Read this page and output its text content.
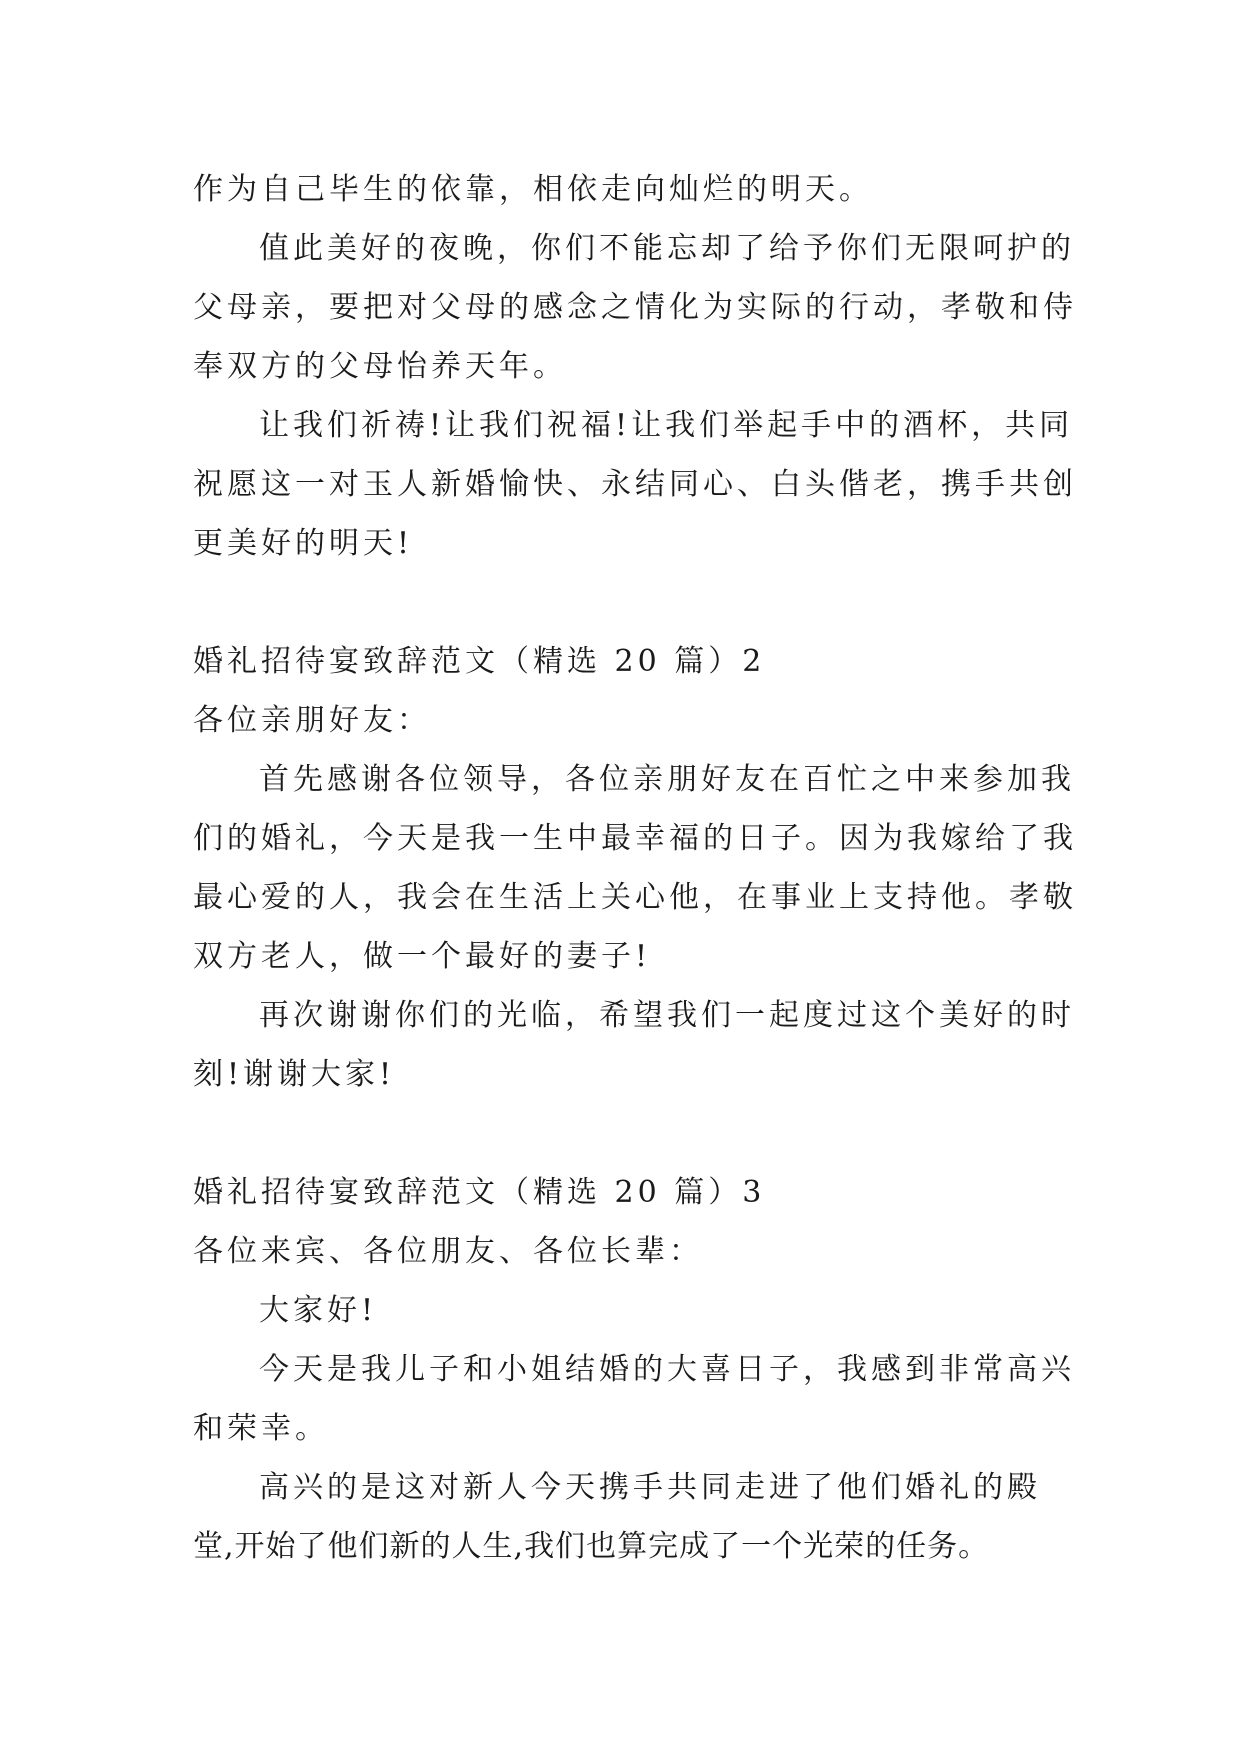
作为自己毕生的依靠，相依走向灿烂的明天。
值此美好的夜晚，你们不能忘却了给予你们无限呵护的
父母亲，要把对父母的感念之情化为实际的行动，孝敬和侍
奉双方的父母怡养天年。
让我们祈祷!让我们祝福!让我们举起手中的酒杯，共同
祝愿这一对玉人新婚愉快、永结同心、白头偕老，携手共创
更美好的明天!
婚礼招待宴致辞范文（精选 20 篇）2
各位亲朋好友：
首先感谢各位领导，各位亲朋好友在百忙之中来参加我
们的婚礼，今天是我一生中最幸福的日子。因为我嫁给了我
最心爱的人，我会在生活上关心他，在事业上支持他。孝敬
双方老人，做一个最好的妻子!
再次谢谢你们的光临，希望我们一起度过这个美好的时
刻!谢谢大家!
婚礼招待宴致辞范文（精选 20 篇）3
各位来宾、各位朋友、各位长辈：
大家好!
今天是我儿子和小姐结婚的大喜日子，我感到非常高兴
和荣幸。
高兴的是这对新人今天携手共同走进了他们婚礼的殿
堂,开始了他们新的人生,我们也算完成了一个光荣的任务。
